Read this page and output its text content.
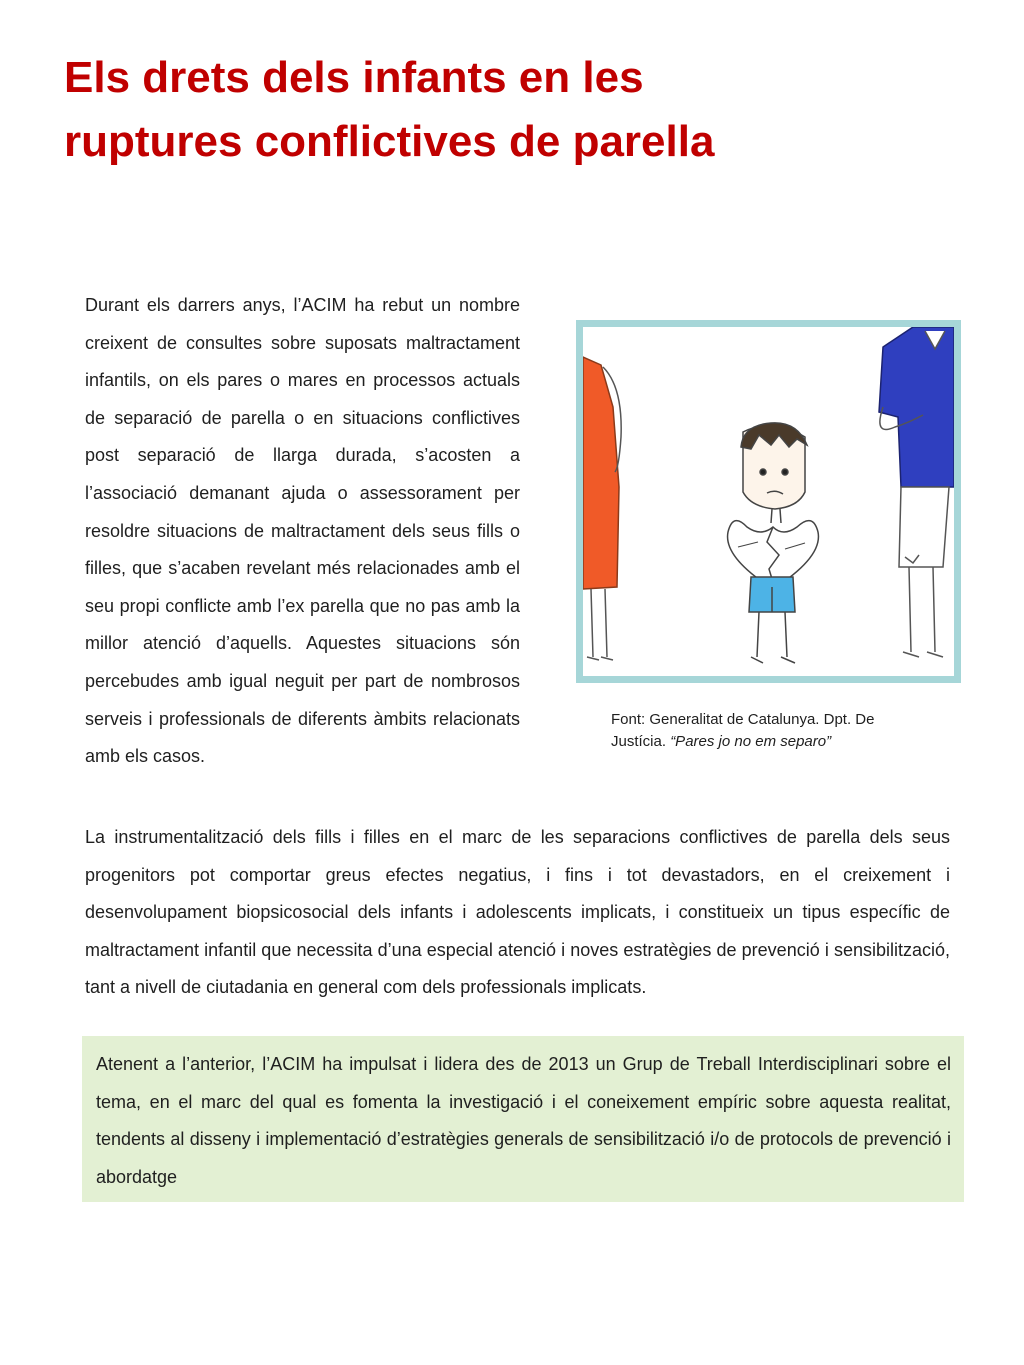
Els drets dels infants en les ruptures conflictives de parella

Durant els darrers anys, l’ACIM ha rebut un nombre creixent de consultes sobre suposats maltractament infantils, on els pares o mares en processos actuals de separació de parella o en situacions conflictives post separació de llarga durada, s’acosten a l’associació demanant ajuda o assessorament per resoldre situacions de maltractament dels seus fills o filles, que s’acaben revelant més relacionades amb el seu propi conflicte amb l’ex parella que no pas amb la millor atenció d’aquells. Aquestes situacions són percebudes amb igual neguit per part de nombrosos serveis i professionals de diferents àmbits relacionats amb els casos.

Font: Generalitat de Catalunya. Dpt. De Justícia. “Pares jo no em separo”

La instrumentalització dels fills i filles en el marc de les separacions conflictives de parella dels seus progenitors pot comportar greus efectes negatius, i fins i tot devastadors, en el creixement i desenvolupament biopsicosocial dels infants i adolescents implicats, i constitueix un tipus específic de maltractament infantil que necessita d’una especial atenció i noves estratègies de prevenció i sensibilització, tant a nivell de ciutadania en general com dels professionals implicats.

Atenent a l’anterior, l’ACIM ha impulsat i lidera des de 2013 un Grup de Treball Interdisciplinari sobre el tema, en el marc del qual es fomenta la investigació i el coneixement empíric sobre aquesta realitat, tendents al disseny i implementació d’estratègies generals de sensibilització i/o de protocols de prevenció i abordatge
